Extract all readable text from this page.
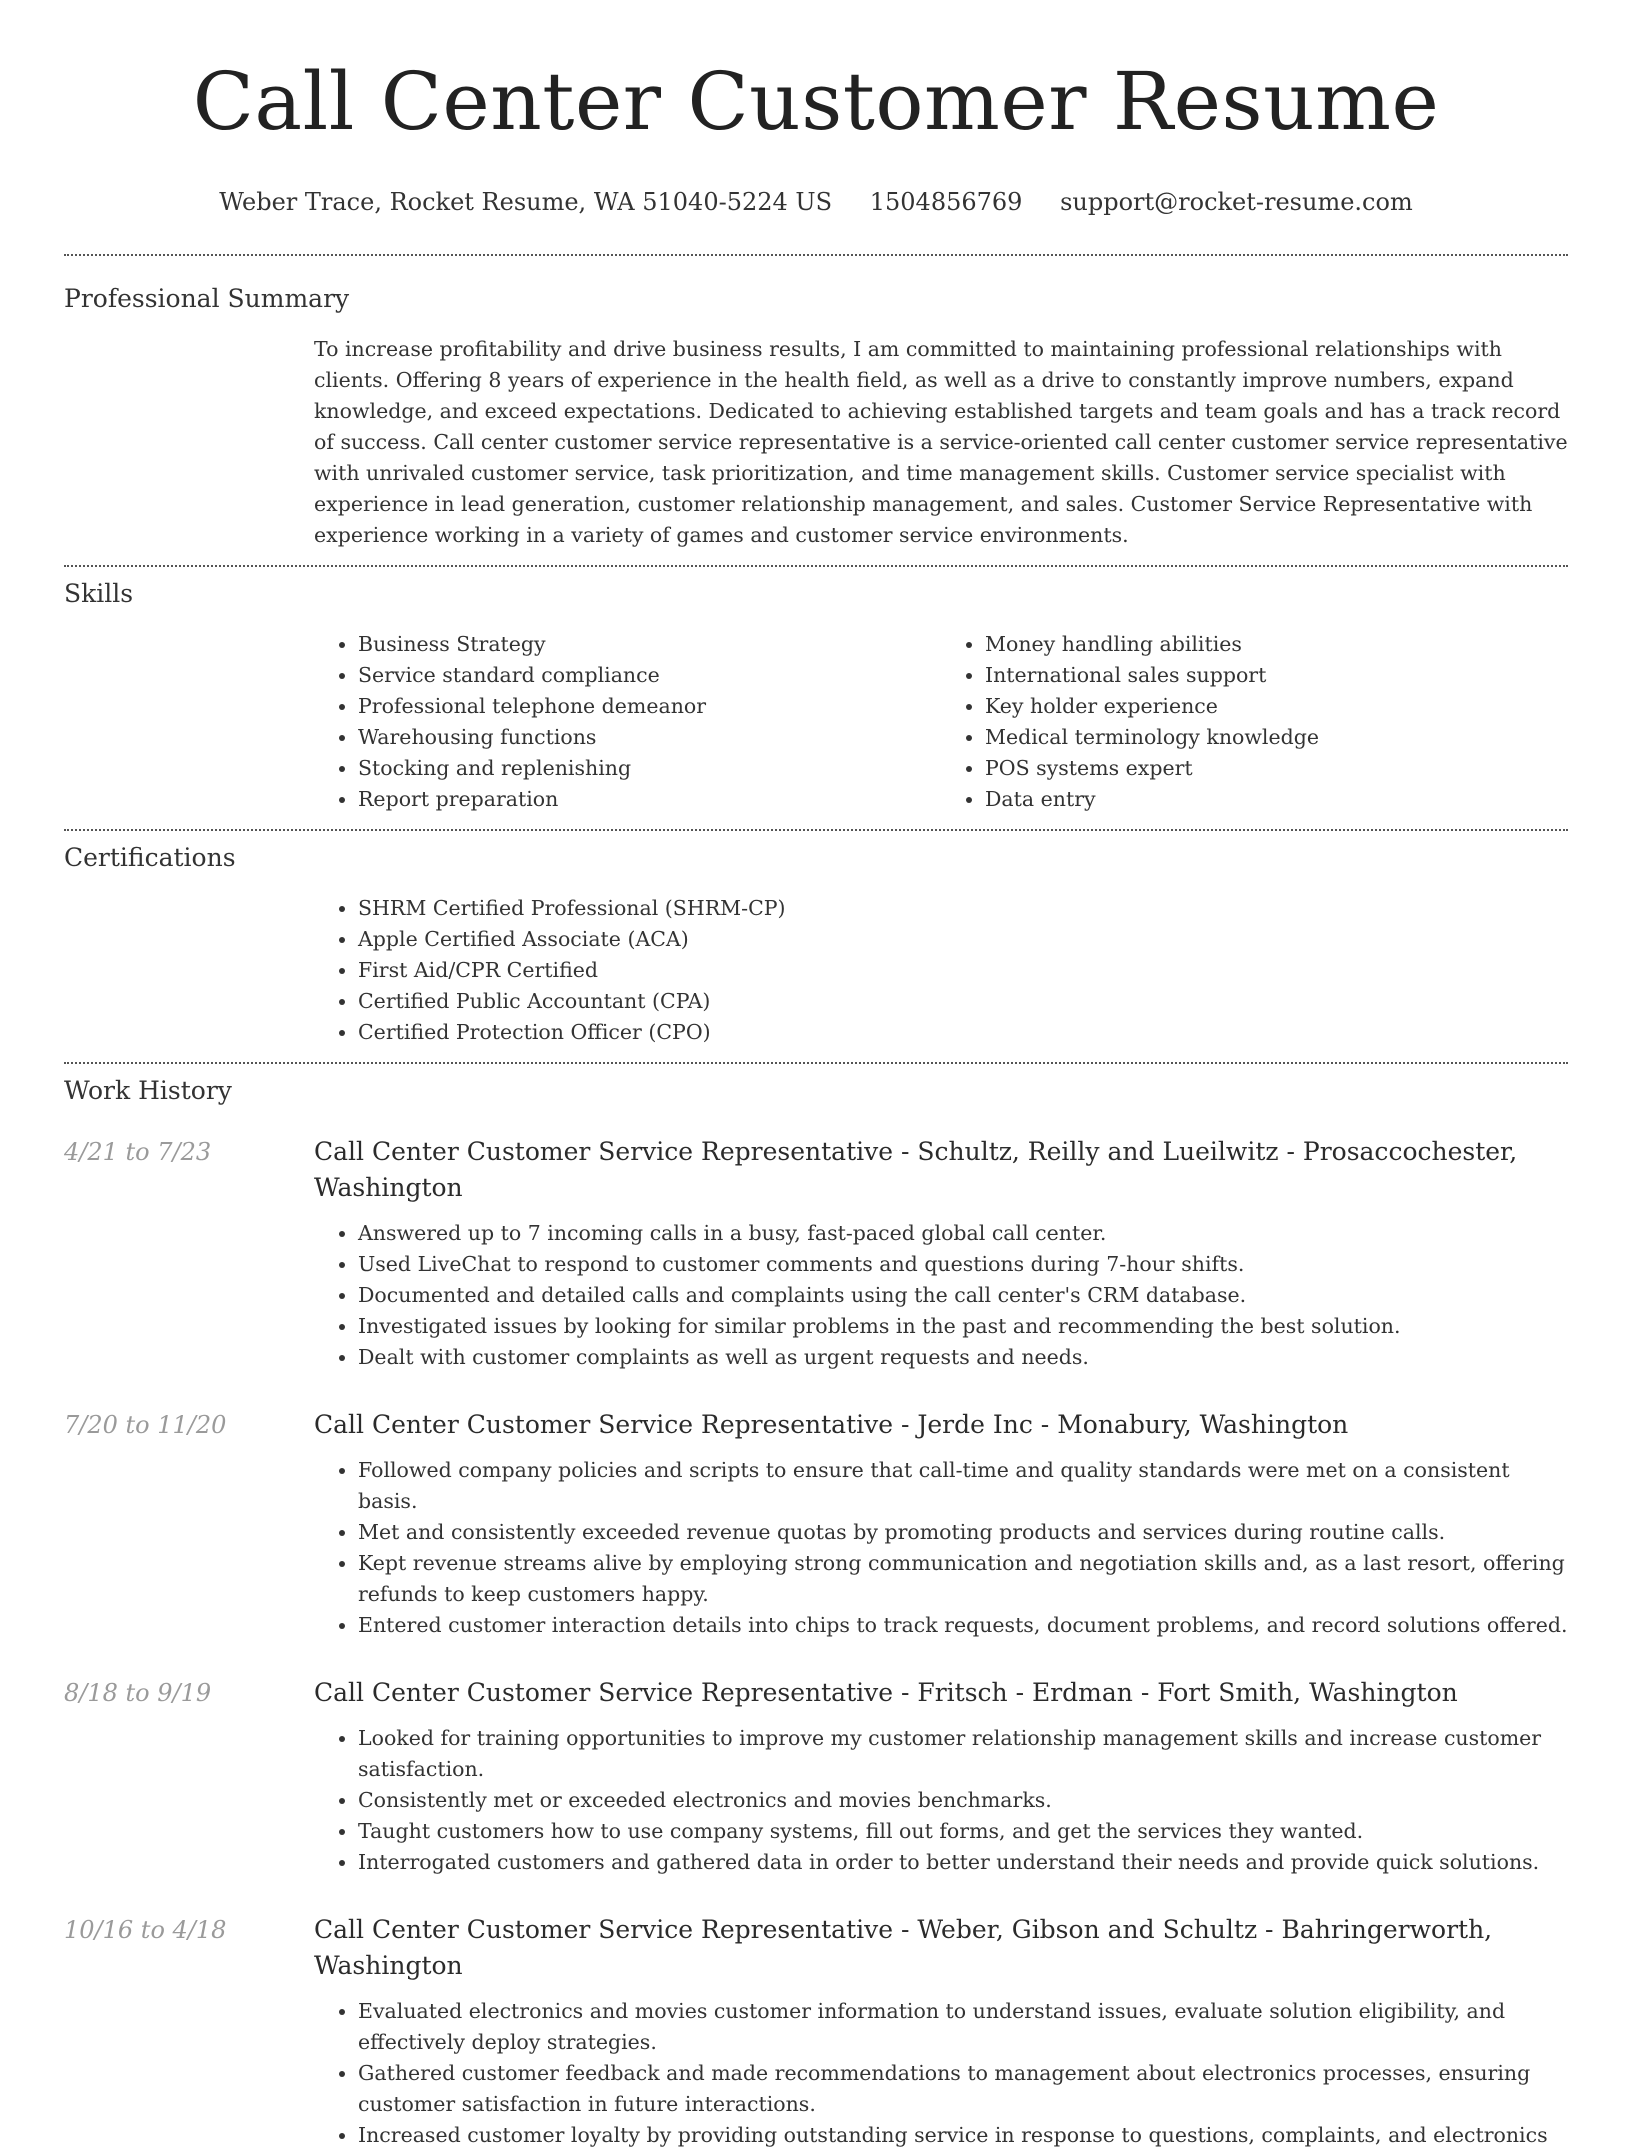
Call Center Customer Resume
Weber Trace, Rocket Resume, WA 51040-5224 US 1504856769 support@rocket-resume.com
Professional Summary

To increase profitability and drive business results, I am committed to maintaining professional relationships with clients. Offering 8 years of experience in the health field, as well as a drive to constantly improve numbers, expand knowledge, and exceed expectations. Dedicated to achieving established targets and team goals and has a track record of success. Call center customer service representative is a service-oriented call center customer service representative with unrivaled customer service, task prioritization, and time management skills. Customer service specialist with experience in lead generation, customer relationship management, and sales. Customer Service Representative with experience working in a variety of games and customer service environments.

Skills
• Business Strategy
• Service standard compliance
• Professional telephone demeanor
• Warehousing functions
• Stocking and replenishing
• Report preparation
• Money handling abilities
• International sales support
• Key holder experience
• Medical terminology knowledge
• POS systems expert
• Data entry
Certifications
• SHRM Certified Professional (SHRM-CP)
• Apple Certified Associate (ACA)
• First Aid/CPR Certified
• Certified Public Accountant (CPA)
• Certified Protection Officer (CPO)
Work History
4/21 to 7/23	Call Center Customer Service Representative - Schultz, Reilly and Lueilwitz - Prosaccochester, Washington
• Answered up to 7 incoming calls in a busy, fast-paced global call center.
• Used LiveChat to respond to customer comments and questions during 7-hour shifts.
• Documented and detailed calls and complaints using the call center's CRM database.
• Investigated issues by looking for similar problems in the past and recommending the best solution.
• Dealt with customer complaints as well as urgent requests and needs.
7/20 to 11/20	Call Center Customer Service Representative - Jerde Inc - Monabury, Washington
• Followed company policies and scripts to ensure that call-time and quality standards were met on a consistent basis.
• Met and consistently exceeded revenue quotas by promoting products and services during routine calls.
• Kept revenue streams alive by employing strong communication and negotiation skills and, as a last resort, offering refunds to keep customers happy.
• Entered customer interaction details into chips to track requests, document problems, and record solutions offered.
8/18 to 9/19	Call Center Customer Service Representative - Fritsch - Erdman - Fort Smith, Washington
• Looked for training opportunities to improve my customer relationship management skills and increase customer satisfaction.
• Consistently met or exceeded electronics and movies benchmarks.
• Taught customers how to use company systems, fill out forms, and get the services they wanted.
• Interrogated customers and gathered data in order to better understand their needs and provide quick solutions.
10/16 to 4/18	Call Center Customer Service Representative - Weber, Gibson and Schultz - Bahringerworth, Washington
• Evaluated electronics and movies customer information to understand issues, evaluate solution eligibility, and effectively deploy strategies.
• Gathered customer feedback and made recommendations to management about electronics processes, ensuring customer satisfaction in future interactions.
• Increased customer loyalty by providing outstanding service in response to questions, complaints, and electronics
